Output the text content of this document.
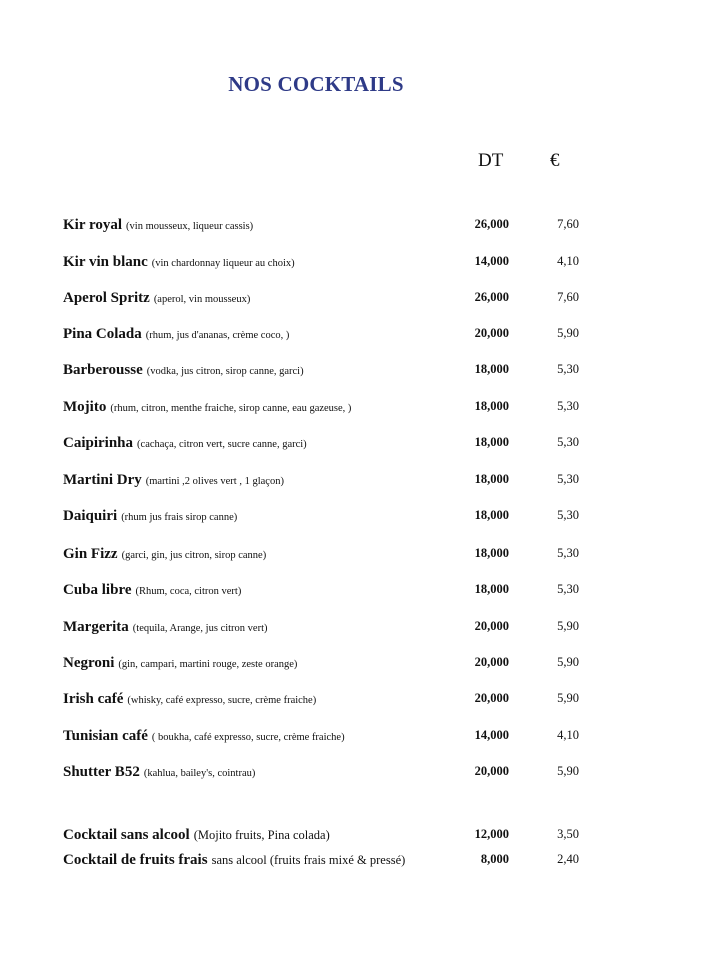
NOS COCKTAILS
DT €
Kir royal (vin mousseux, liqueur cassis)	26,000	7,60
Kir vin blanc (vin chardonnay liqueur au choix)	14,000	4,10
Aperol Spritz (aperol, vin mousseux)	26,000	7,60
Pina Colada (rhum, jus d'ananas, crème coco, )	20,000	5,90
Barberousse (vodka, jus citron, sirop canne, garci)	18,000	5,30
Mojito (rhum, citron, menthe fraiche, sirop canne, eau gazeuse, )	18,000	5,30
Caipirinha (cachaça, citron vert, sucre canne, garci)	18,000	5,30
Martini Dry (martini ,2 olives vert , 1 glaçon)	18,000	5,30
Daiquiri (rhum jus frais sirop canne)	18,000	5,30
Gin Fizz (garci, gin, jus citron, sirop canne)	18,000	5,30
Cuba libre (Rhum, coca, citron vert)	18,000	5,30
Margerita (tequila, Arange, jus citron vert)	20,000	5,90
Negroni (gin, campari, martini rouge, zeste orange)	20,000	5,90
Irish café (whisky, café expresso, sucre, crème fraiche)	20,000	5,90
Tunisian café ( boukha, café expresso, sucre, crème fraiche)	14,000	4,10
Shutter B52 (kahlua, bailey's, cointrau)	20,000	5,90
Cocktail sans alcool (Mojito fruits, Pina colada)	12,000	3,50
Cocktail de fruits frais sans alcool (fruits frais mixé & pressé)	8,000	2,40
